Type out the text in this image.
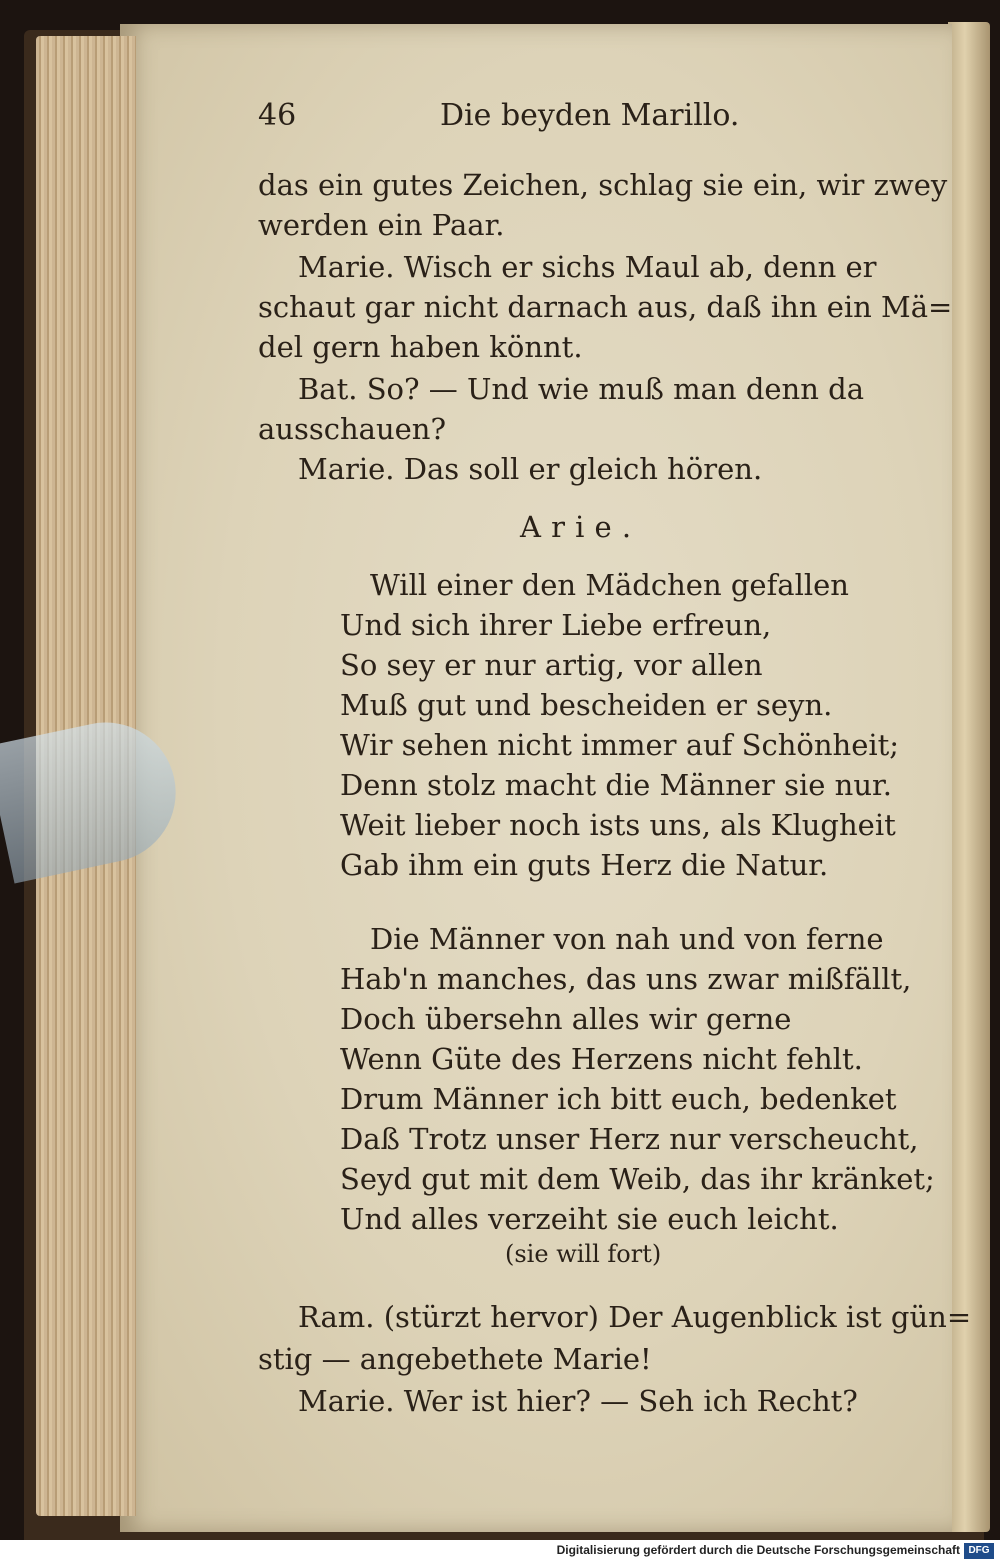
46	Die beyden Marillo.
das ein gutes Zeichen, schlag sie ein, wir zwey
werden ein Paar.
Marie. Wisch er sichs Maul ab, denn er
schaut gar nicht darnach aus, daß ihn ein Mä=
del gern haben könnt.
Bat. So? — Und wie muß man denn da
ausschauen?
Marie. Das soll er gleich hören.
Arie.
Will einer den Mädchen gefallen
Und sich ihrer Liebe erfreun,
So sey er nur artig, vor allen
Muß gut und bescheiden er seyn.
Wir sehen nicht immer auf Schönheit;
Denn stolz macht die Männer sie nur.
Weit lieber noch ists uns, als Klugheit
Gab ihm ein guts Herz die Natur.
Die Männer von nah und von ferne
Hab'n manches, das uns zwar mißfällt,
Doch übersehn alles wir gerne
Wenn Güte des Herzens nicht fehlt.
Drum Männer ich bitt euch, bedenket
Daß Trotz unser Herz nur verscheucht,
Seyd gut mit dem Weib, das ihr kränket;
Und alles verzeiht sie euch leicht.
(sie will fort)
Ram. (stürzt hervor) Der Augenblick ist gün=
stig — angebethete Marie!
Marie. Wer ist hier? — Seh ich Recht?
Digitalisierung gefördert durch die Deutsche Forschungsgemeinschaft DFG
